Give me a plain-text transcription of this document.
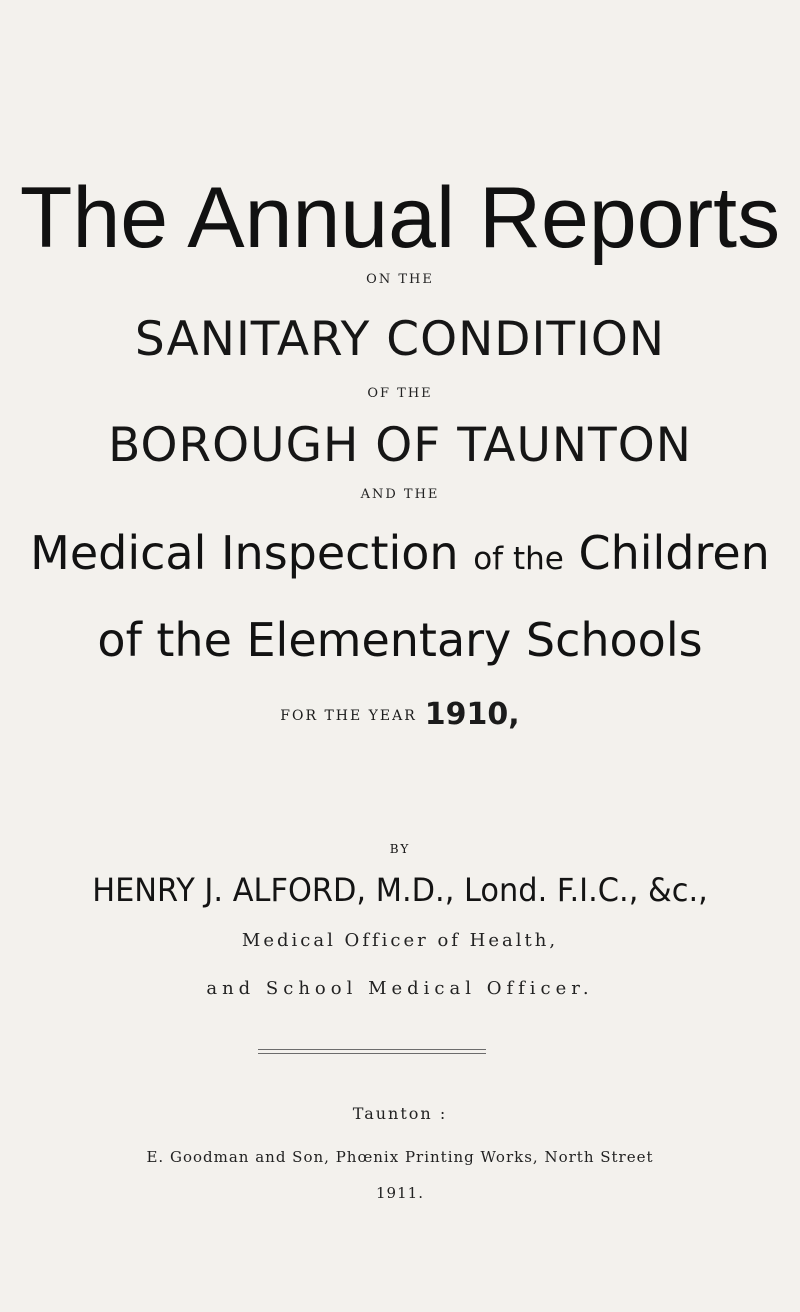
The Annual Reports
ON THE
SANITARY CONDITION
OF THE
BOROUGH OF TAUNTON
AND THE
Medical Inspection of the Children
of the Elementary Schools
FOR THE YEAR 1910,
BY
HENRY J. ALFORD, M.D., Lond. F.I.C., &c.,
Medical Officer of Health,
and School Medical Officer.
Taunton :
E. Goodman and Son, Phœnix Printing Works, North Street
1911.
